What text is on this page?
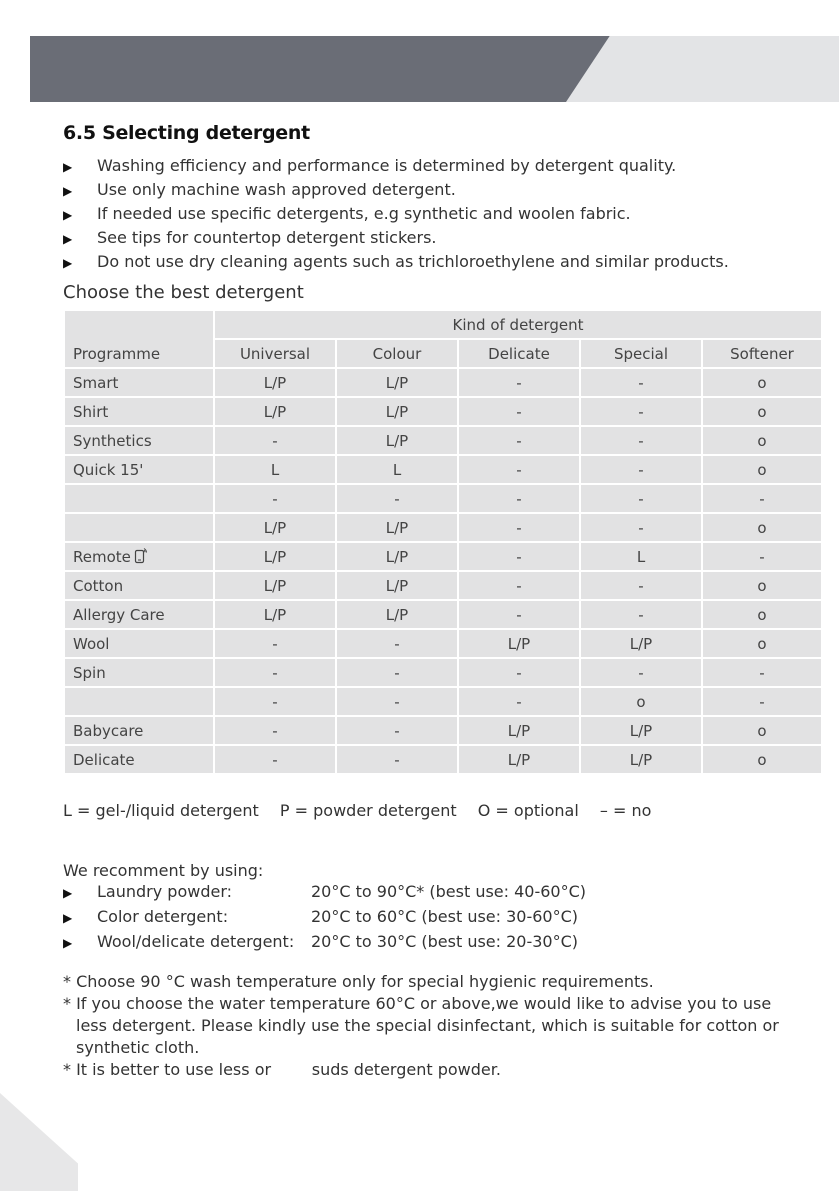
6.5 Selecting detergent
▶ Washing efficiency and performance is determined by detergent quality.
▶ Use only machine wash approved detergent.
▶ If needed use specific detergents, e.g synthetic and woolen fabric.
▶ See tips for countertop detergent stickers.
▶ Do not use dry cleaning agents such as trichloroethylene and similar products.
Choose the best detergent
Programme	Kind of detergent				
	Universal	Colour	Delicate	Special	Softener
Smart	L/P	L/P	-	-	o
Shirt	L/P	L/P	-	-	o
Synthetics	-	L/P	-	-	o
Quick 15'	L	L	-	-	o
	-	-	-	-	-
	L/P	L/P	-	-	o
Remote	L/P	L/P	-	L	-
Cotton	L/P	L/P	-	-	o
Allergy Care	L/P	L/P	-	-	o
Wool	-	-	L/P	L/P	o
Spin	-	-	-	-	-
	-	-	-	o	-
Babycare	-	-	L/P	L/P	o
Delicate	-	-	L/P	L/P	o
L = gel-/liquid detergent P = powder detergent O = optional – = no
We recomment by using:
▶ Laundry powder:	20°C to 90°C* (best use: 40-60°C)
▶ Color detergent:	20°C to 60°C (best use: 30-60°C)
▶ Wool/delicate detergent: 20°C to 30°C (best use: 20-30°C)

* Choose 90 °C wash temperature only for special hygienic requirements.

* If you choose the water temperature 60°C or above,we would like to advise you to use less detergent. Please kindly use the special disinfectant, which is suitable for cotton or synthetic cloth.

* It is better to use less or        suds detergent powder.
